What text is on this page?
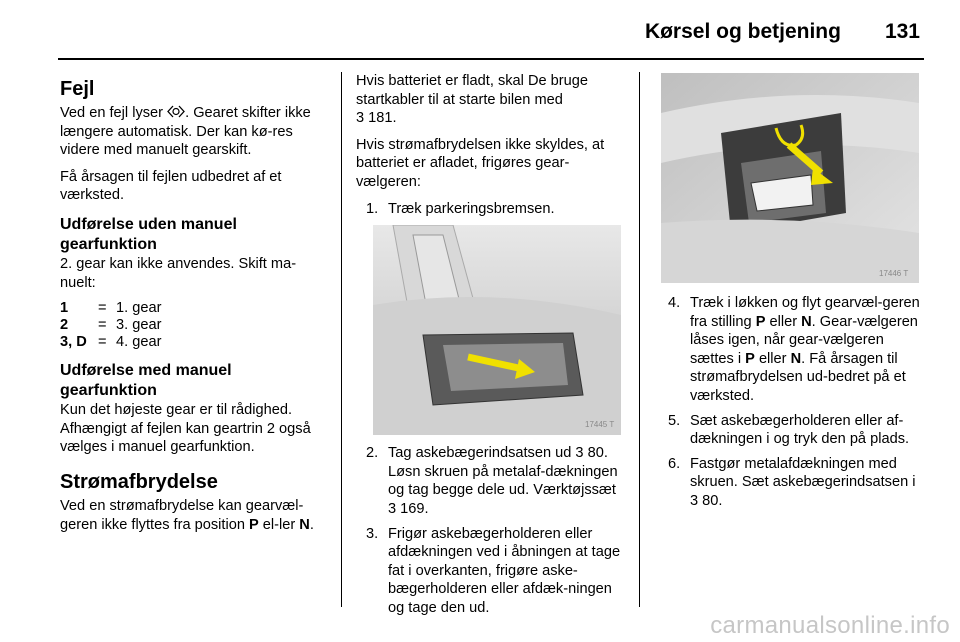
Kørsel og betjening 131
Fejl

Ved en fejl lyser . Gearet skifter ikke længere automatisk. Der kan kø-res videre med manuelt gearskift.

Få årsagen til fejlen udbedret af et værksted.

Udførelse uden manuel gearfunktion

2. gear kan ikke anvendes. Skift ma-nuelt:

1	= 1. gear
2	= 3. gear
3, D = 4. gear
Udførelse med manuel gearfunktion

Kun det højeste gear er til rådighed. Afhængigt af fejlen kan geartrin 2 også vælges i manuel gearfunktion.

Strømafbrydelse

Ved en strømafbrydelse kan gearvæl-geren ikke flyttes fra position P el-ler N.

Hvis batteriet er fladt, skal De bruge startkabler til at starte bilen med
3 181.

Hvis strømafbrydelsen ikke skyldes, at batteriet er afladet, frigøres gear-vælgeren:

1. Træk parkeringsbremsen.
17445 T
2. Tag askebægerindsatsen ud 3 80. Løsn skruen på metalaf-dækningen og tag begge dele ud. Værktøjssæt 3 169.
3. Frigør askebægerholderen eller afdækningen ved i åbningen at tage fat i overkanten, frigøre aske-bægerholderen eller afdæk-ningen og tage den ud.
17446 T
4. Træk i løkken og flyt gearvæl-geren fra stilling P eller N. Gear-vælgeren låses igen, når gear-vælgeren sættes i P eller N. Få årsagen til strømafbrydelsen ud-bedret på et værksted.
5. Sæt askebægerholderen eller af-dækningen i og tryk den på plads.
6. Fastgør metalafdækningen med skruen. Sæt askebægerindsatsen i 3 80.
carmanualsonline.info
